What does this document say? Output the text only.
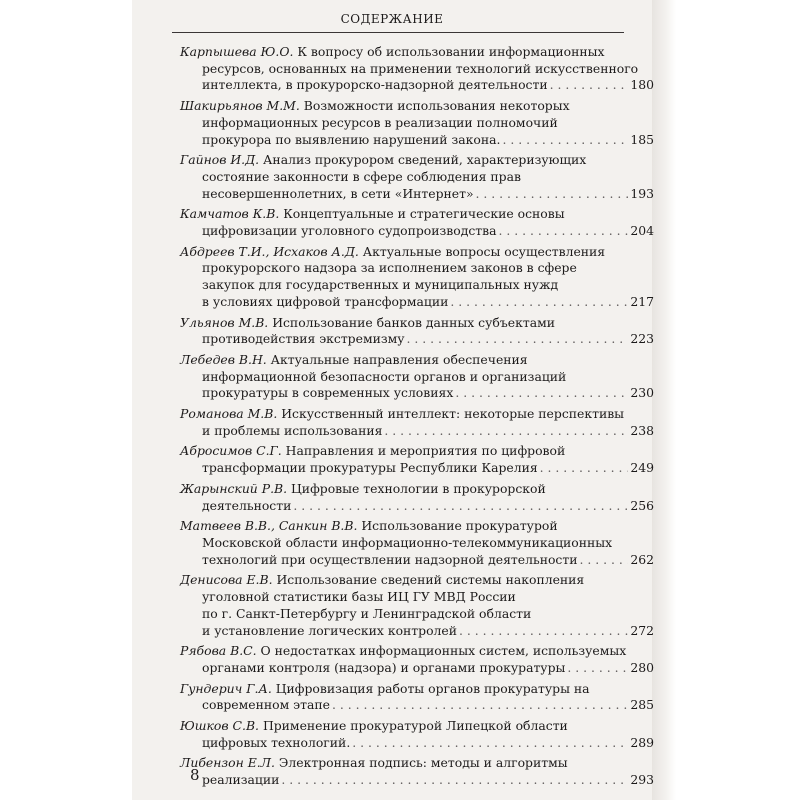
СОДЕРЖАНИЕ
Карпышева Ю.О. К вопросу об использовании информационных
ресурсов, основанных на применении технологий искусственного
интеллекта, в прокурорско-надзорной деятельности . . .	180
Шакирьянов М.М. Возможности использования некоторых
информационных ресурсов в реализации полномочий
прокурора по выявлению нарушений закона. . . .	185
Гайнов И.Д. Анализ прокурором сведений, характеризующих
состояние законности в сфере соблюдения прав
несовершеннолетних, в сети «Интернет» . . .	193
Камчатов К.В. Концептуальные и стратегические основы
цифровизации уголовного судопроизводства . . .	204
Абдреев Т.И., Исхаков А.Д. Актуальные вопросы осуществления
прокурорского надзора за исполнением законов в сфере
закупок для государственных и муниципальных нужд
в условиях цифровой трансформации . . .	217
Ульянов М.В. Использование банков данных субъектами
противодействия экстремизму . . .	223
Лебедев В.Н. Актуальные направления обеспечения
информационной безопасности органов и организаций
прокуратуры в современных условиях . . .	230
Романова М.В. Искусственный интеллект: некоторые перспективы
и проблемы использования . . .	238
Абросимов С.Г. Направления и мероприятия по цифровой
трансформации прокуратуры Республики Карелия . . .	249
Жарынский Р.В. Цифровые технологии в прокурорской
деятельности . . .	256
Матвеев В.В., Санкин В.В. Использование прокуратурой
Московской области информационно-телекоммуникационных
технологий при осуществлении надзорной деятельности . . .	262
Денисова Е.В. Использование сведений системы накопления
уголовной статистики базы ИЦ ГУ МВД России
по г. Санкт-Петербургу и Ленинградской области
и установление логических контролей . . .	272
Рябова В.С. О недостатках информационных систем, используемых
органами контроля (надзора) и органами прокуратуры . . .	280
Гундерич Г.А. Цифровизация работы органов прокуратуры на
современном этапе . . .	285
Юшков С.В. Применение прокуратурой Липецкой области
цифровых технологий. . . .	289
Либензон Е.Л. Электронная подпись: методы и алгоритмы
реализации . . .	293
8
